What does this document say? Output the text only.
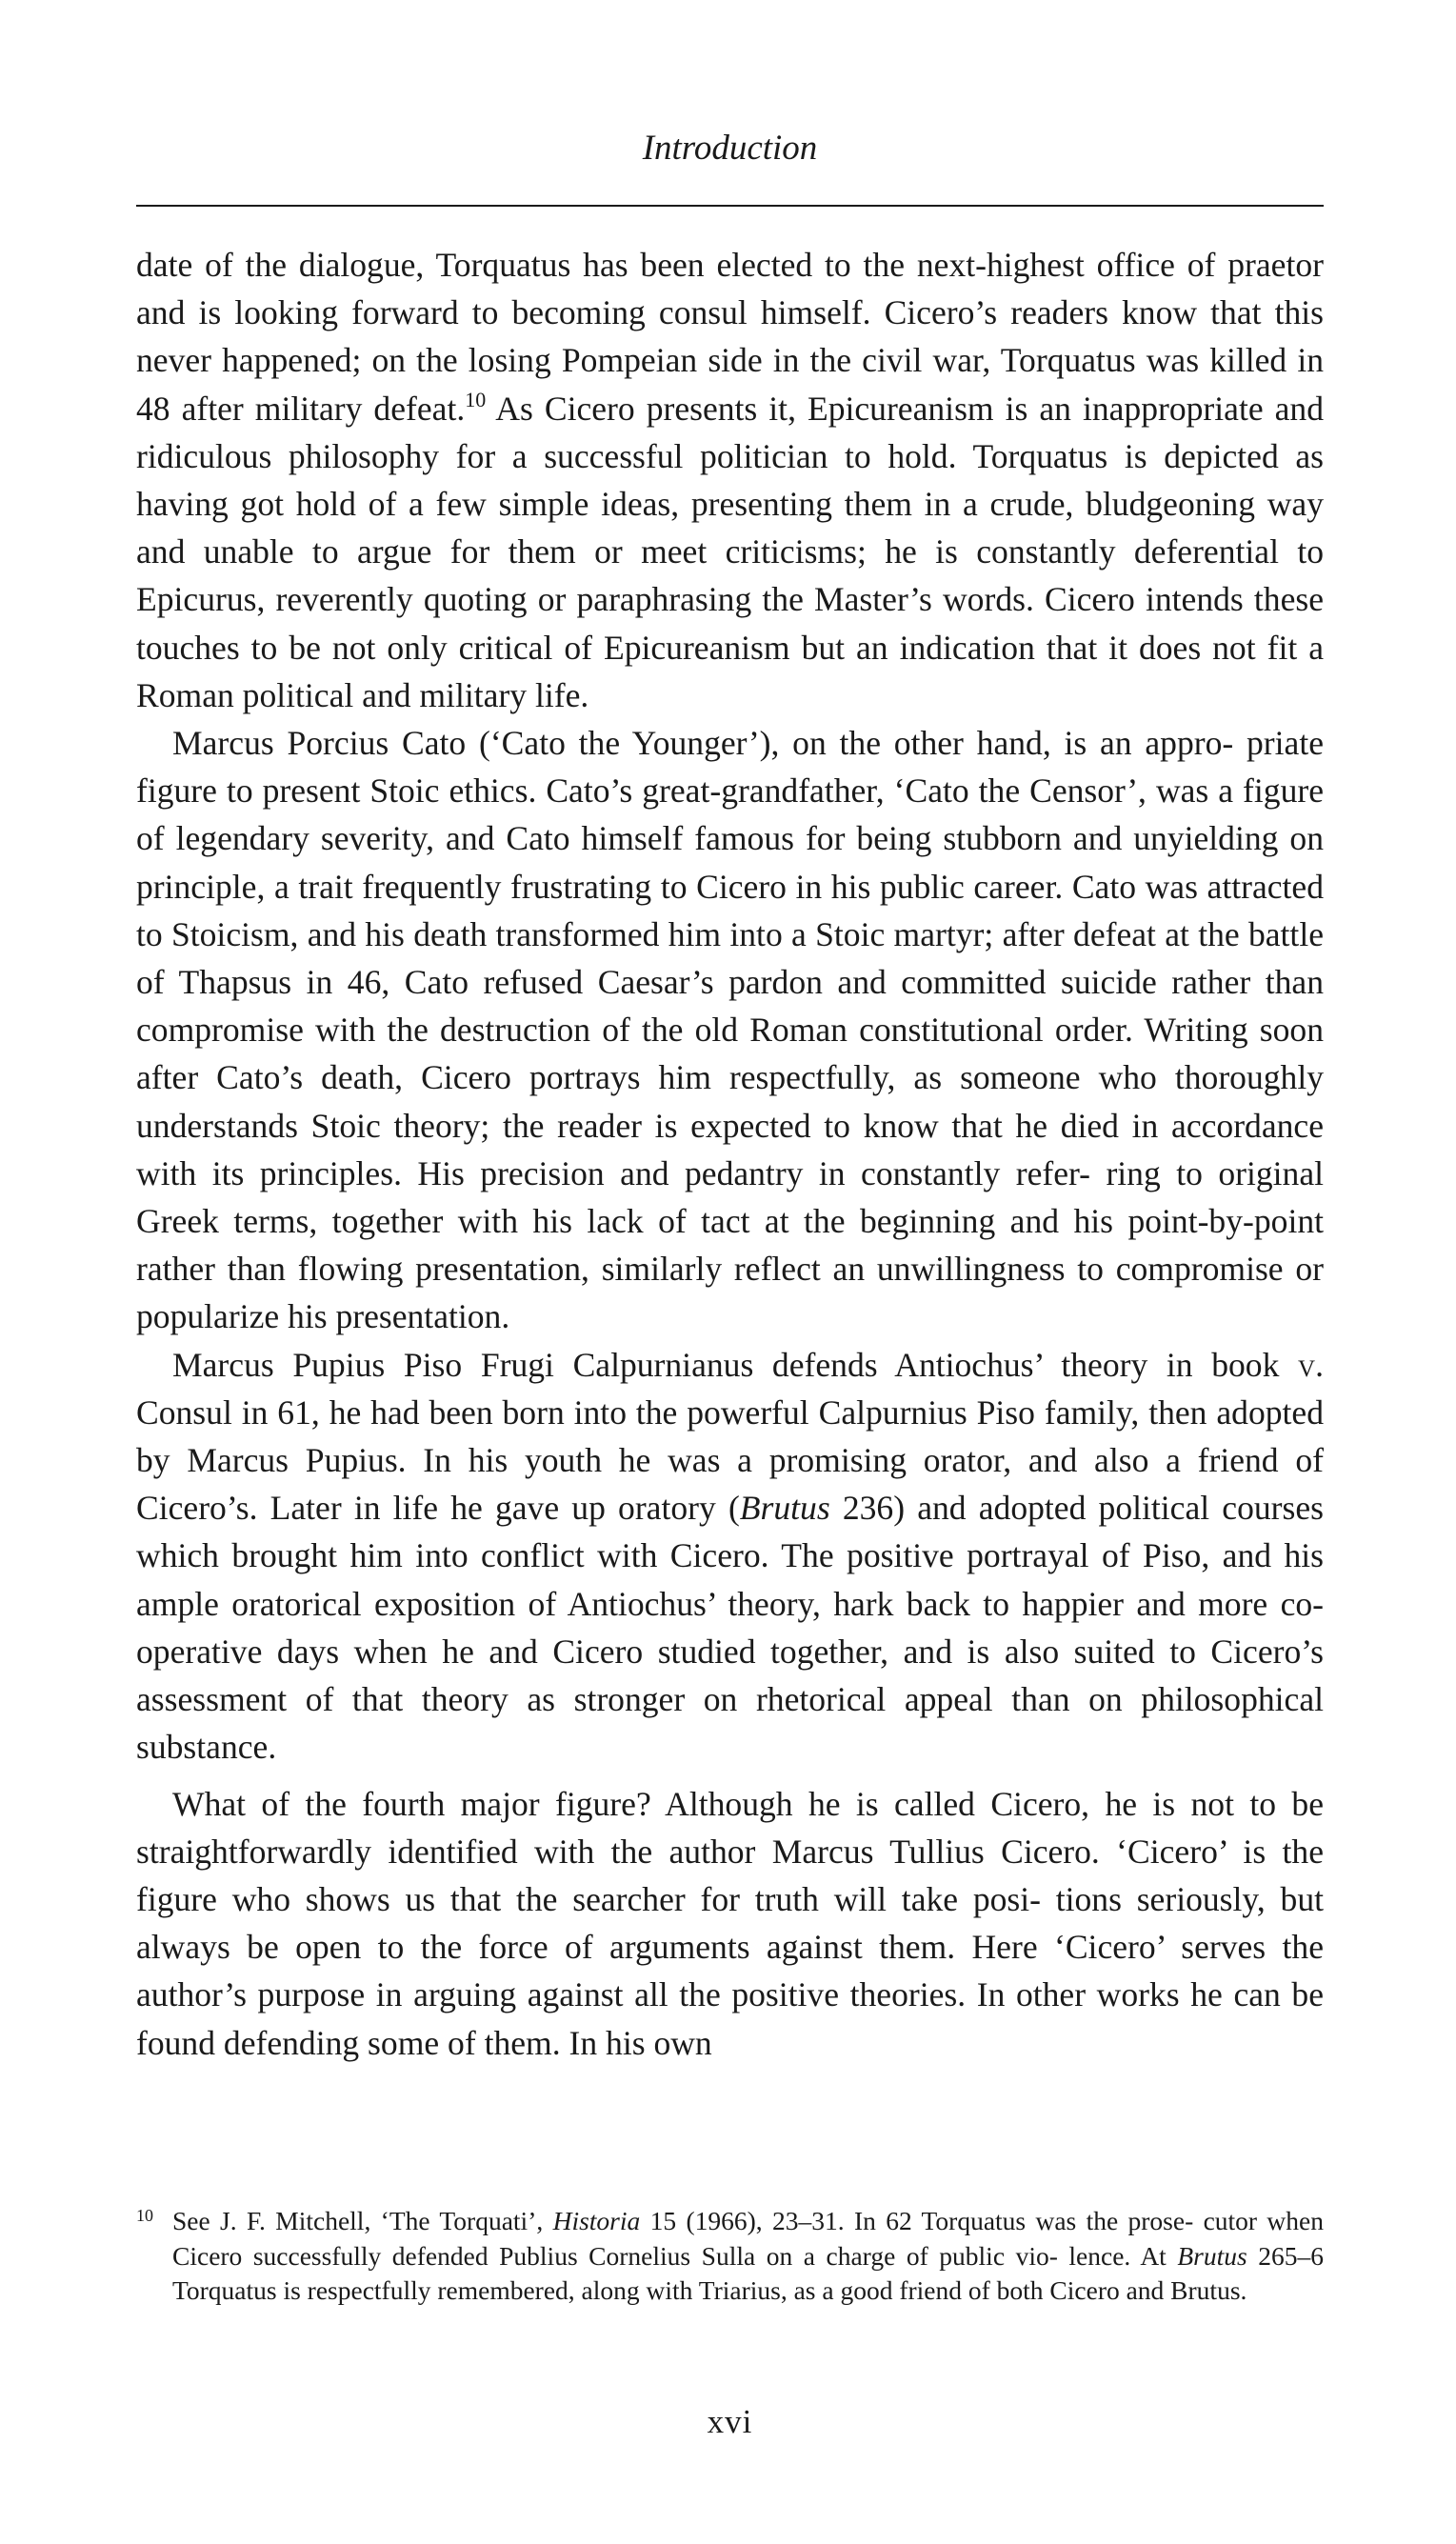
Introduction

date of the dialogue, Torquatus has been elected to the next-highest office of praetor and is looking forward to becoming consul himself. Cicero’s readers know that this never happened; on the losing Pompeian side in the civil war, Torquatus was killed in 48 after military defeat.$^{10}$ As Cicero presents it, Epicureanism is an inappropriate and ridiculous philosophy for a successful politician to hold. Torquatus is depicted as having got hold of a few simple ideas, presenting them in a crude, bludgeoning way and unable to argue for them or meet criticisms; he is constantly deferential to Epicurus, reverently quoting or paraphrasing the Master’s words. Cicero intends these touches to be not only critical of Epicureanism but an indication that it does not fit a Roman political and military life.

Marcus Porcius Cato (‘Cato the Younger’), on the other hand, is an appro- priate figure to present Stoic ethics. Cato’s great-grandfather, ‘Cato the Censor’, was a figure of legendary severity, and Cato himself famous for being stubborn and unyielding on principle, a trait frequently frustrating to Cicero in his public career. Cato was attracted to Stoicism, and his death transformed him into a Stoic martyr; after defeat at the battle of Thapsus in 46, Cato refused Caesar’s pardon and committed suicide rather than compromise with the destruction of the old Roman constitutional order. Writing soon after Cato’s death, Cicero portrays him respectfully, as someone who thoroughly understands Stoic theory; the reader is expected to know that he died in accordance with its principles. His precision and pedantry in constantly refer- ring to original Greek terms, together with his lack of tact at the beginning and his point-by-point rather than flowing presentation, similarly reflect an unwillingness to compromise or popularize his presentation.

Marcus Pupius Piso Frugi Calpurnianus defends Antiochus’ theory in book v. Consul in 61, he had been born into the powerful Calpurnius Piso family, then adopted by Marcus Pupius. In his youth he was a promising orator, and also a friend of Cicero’s. Later in life he gave up oratory (Brutus 236) and adopted political courses which brought him into conflict with Cicero. The positive portrayal of Piso, and his ample oratorical exposition of Antiochus’ theory, hark back to happier and more co-operative days when he and Cicero studied together, and is also suited to Cicero’s assessment of that theory as stronger on rhetorical appeal than on philosophical substance.

What of the fourth major figure? Although he is called Cicero, he is not to be straightforwardly identified with the author Marcus Tullius Cicero. ‘Cicero’ is the figure who shows us that the searcher for truth will take posi- tions seriously, but always be open to the force of arguments against them. Here ‘Cicero’ serves the author’s purpose in arguing against all the positive theories. In other works he can be found defending some of them. In his own

10 See J. F. Mitchell, ‘The Torquati’, Historia 15 (1966), 23–31. In 62 Torquatus was the prose- cutor when Cicero successfully defended Publius Cornelius Sulla on a charge of public vio- lence. At Brutus 265–6 Torquatus is respectfully remembered, along with Triarius, as a good friend of both Cicero and Brutus.
xvi
